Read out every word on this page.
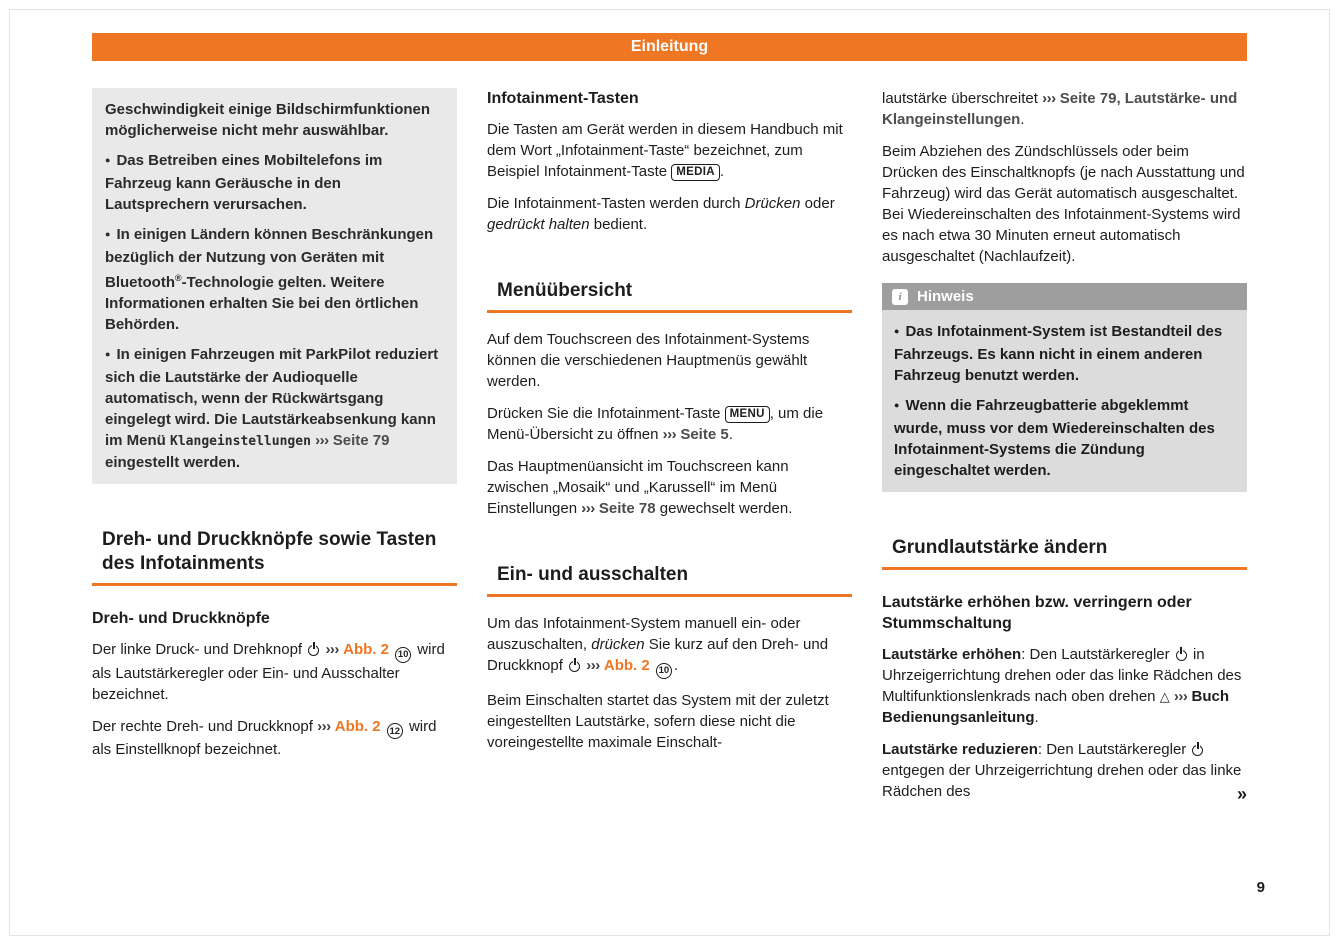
Einleitung
Geschwindigkeit einige Bildschirmfunktionen möglicherweise nicht mehr auswählbar.
● Das Betreiben eines Mobiltelefons im Fahrzeug kann Geräusche in den Lautsprechern verursachen.
● In einigen Ländern können Beschränkungen bezüglich der Nutzung von Geräten mit Bluetooth®-Technologie gelten. Weitere Informationen erhalten Sie bei den örtlichen Behörden.
● In einigen Fahrzeugen mit ParkPilot reduziert sich die Lautstärke der Audioquelle automatisch, wenn der Rückwärtsgang eingelegt wird. Die Lautstärkeabsenkung kann im Menü Klangeinstellungen ››› Seite 79 eingestellt werden.
Dreh- und Druckknöpfe sowie Tasten des Infotainments
Dreh- und Druckknöpfe
Der linke Druck- und Drehknopf  ››› Abb. 2 10 wird als Lautstärkeregler oder Ein- und Ausschalter bezeichnet.
Der rechte Dreh- und Druckknopf ››› Abb. 2 12 wird als Einstellknopf bezeichnet.
Infotainment-Tasten
Die Tasten am Gerät werden in diesem Handbuch mit dem Wort „Infotainment-Taste“ bezeichnet, zum Beispiel Infotainment-Taste MEDIA .
Die Infotainment-Tasten werden durch Drücken oder gedrückt halten bedient.
Menüübersicht
Auf dem Touchscreen des Infotainment-Systems können die verschiedenen Hauptmenüs gewählt werden.
Drücken Sie die Infotainment-Taste MENU , um die Menü-Übersicht zu öffnen ››› Seite 5.
Das Hauptmenüansicht im Touchscreen kann zwischen „Mosaik“ und „Karussell“ im Menü Einstellungen ››› Seite 78 gewechselt werden.
Ein- und ausschalten
Um das Infotainment-System manuell ein- oder auszuschalten, drücken Sie kurz auf den Dreh- und Druckknopf  ››› Abb. 2 10 .
Beim Einschalten startet das System mit der zuletzt eingestellten Lautstärke, sofern diese nicht die voreingestellte maximale Einschalt-
lautstärke überschreitet ››› Seite 79, Lautstärke- und Klangeinstellungen.
Beim Abziehen des Zündschlüssels oder beim Drücken des Einschaltknopfs (je nach Ausstattung und Fahrzeug) wird das Gerät automatisch ausgeschaltet. Bei Wiedereinschalten des Infotainment-Systems wird es nach etwa 30 Minuten erneut automatisch ausgeschaltet (Nachlaufzeit).
i	Hinweis
● Das Infotainment-System ist Bestandteil des Fahrzeugs. Es kann nicht in einem anderen Fahrzeug benutzt werden.
● Wenn die Fahrzeugbatterie abgeklemmt wurde, muss vor dem Wiedereinschalten des Infotainment-Systems die Zündung eingeschaltet werden.
Grundlautstärke ändern
Lautstärke erhöhen bzw. verringern oder Stummschaltung
Lautstärke erhöhen: Den Lautstärkeregler  in Uhrzeigerrichtung drehen oder das linke Rädchen des Multifunktionslenkrads nach oben drehen △ ››› Buch Bedienungsanleitung.
Lautstärke reduzieren: Den Lautstärkeregler  entgegen der Uhrzeigerrichtung drehen oder das linke Rädchen des	»
9
